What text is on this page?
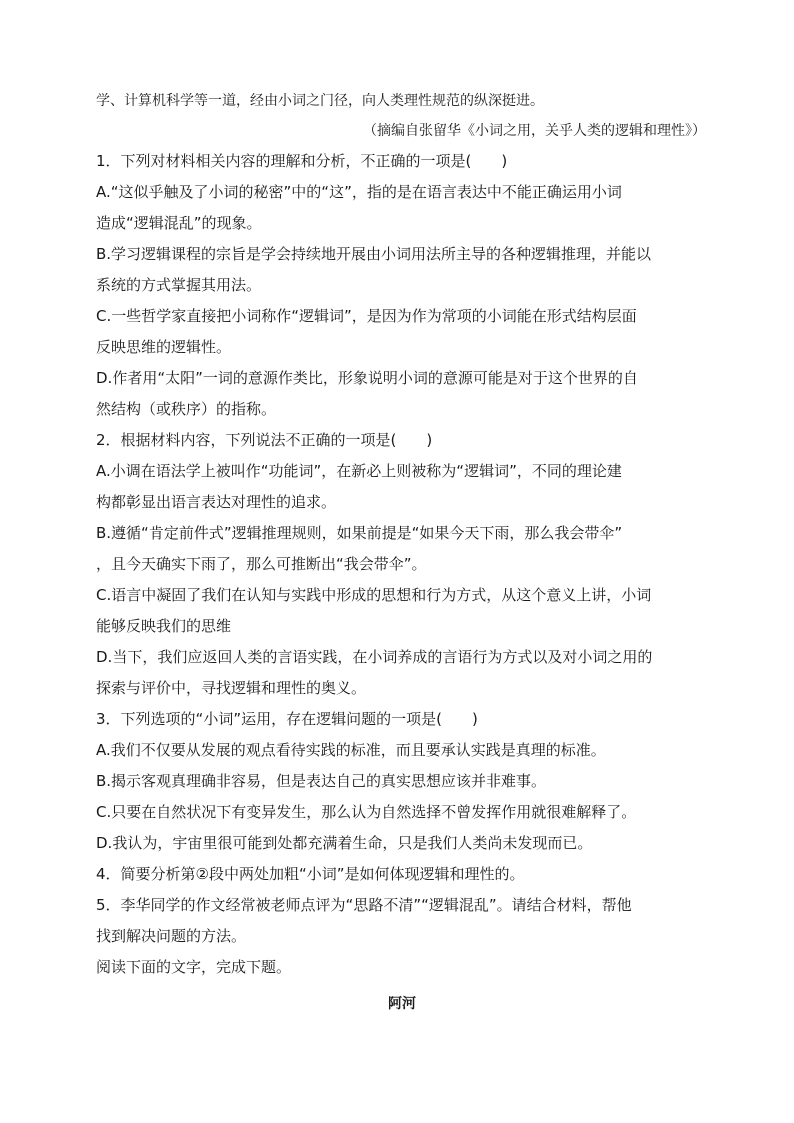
学、计算机科学等一道，经由小词之门径，向人类理性规范的纵深挺进。

（摘编自张留华《小词之用，关乎人类的逻辑和理性》）

1．下列对材料相关内容的理解和分析，不正确的一项是(　　)

A.“这似乎触及了小词的秘密”中的“这”，指的是在语言表达中不能正确运用小词

造成“逻辑混乱”的现象。

B.学习逻辑课程的宗旨是学会持续地开展由小词用法所主导的各种逻辑推理，并能以

系统的方式掌握其用法。

C.一些哲学家直接把小词称作“逻辑词”，是因为作为常项的小词能在形式结构层面

反映思维的逻辑性。

D.作者用“太阳”一词的意源作类比，形象说明小词的意源可能是对于这个世界的自

然结构（或秩序）的指称。

2．根据材料内容，下列说法不正确的一项是(　　)

A.小调在语法学上被叫作“功能词”，在新必上则被称为“逻辑词”，不同的理论建

构都彰显出语言表达对理性的追求。

B.遵循“肯定前件式”逻辑推理规则，如果前提是“如果今天下雨，那么我会带伞”

，且今天确实下雨了，那么可推断出“我会带伞”。

C.语言中凝固了我们在认知与实践中形成的思想和行为方式，从这个意义上讲，小词

能够反映我们的思维

D.当下，我们应返回人类的言语实践，在小词养成的言语行为方式以及对小词之用的

探索与评价中，寻找逻辑和理性的奥义。

3．下列选项的“小词”运用，存在逻辑问题的一项是(　　)

A.我们不仅要从发展的观点看待实践的标准，而且要承认实践是真理的标准。

B.揭示客观真理确非容易，但是表达自己的真实思想应该并非难事。

C.只要在自然状况下有变异发生，那么认为自然选择不曾发挥作用就很难解释了。

D.我认为，宇宙里很可能到处都充满着生命，只是我们人类尚未发现而已。

4．简要分析第②段中两处加粗“小词”是如何体现逻辑和理性的。

5．李华同学的作文经常被老师点评为“思路不清”“逻辑混乱”。请结合材料，帮他

找到解决问题的方法。

阅读下面的文字，完成下题。

阿河
